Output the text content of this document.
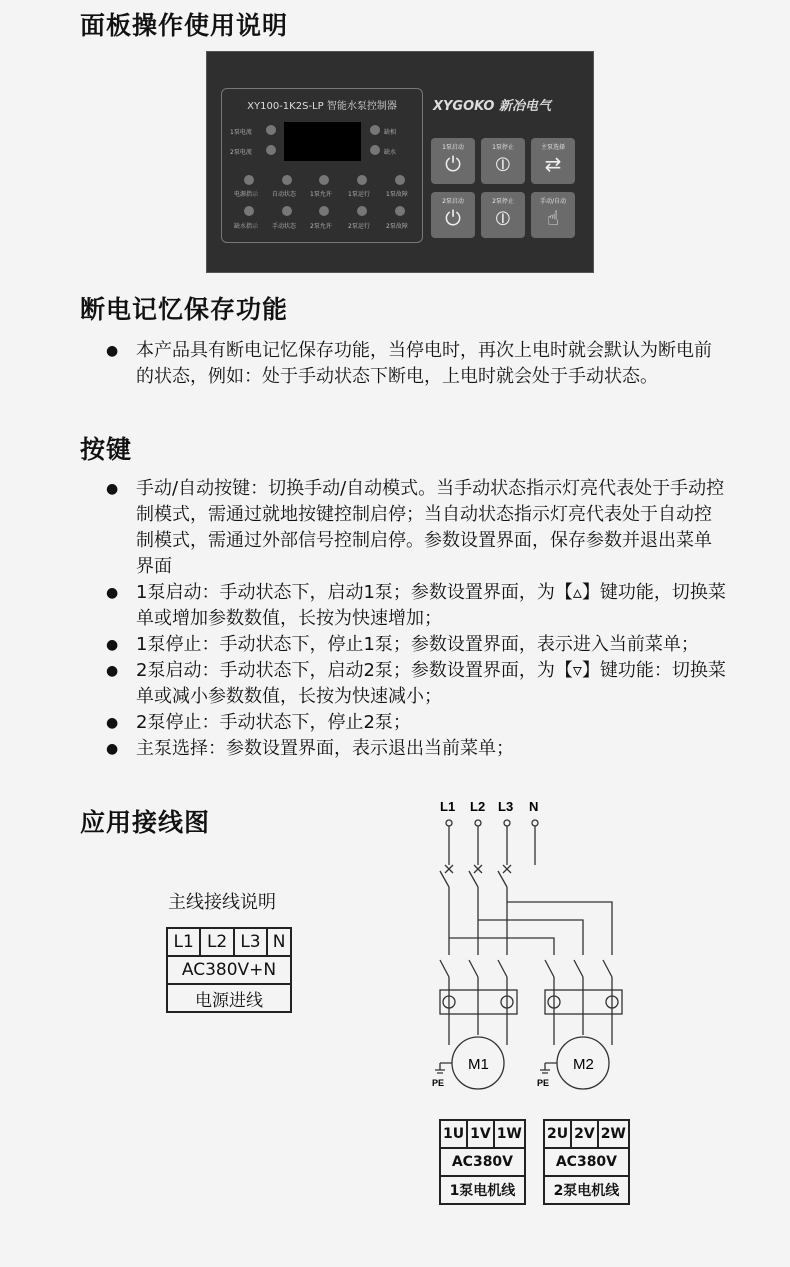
面板操作使用说明
XY100-1K2S-LP 智能水泵控制器
1泵电流
2泵电流
缺相
缺水
电源指示 自动状态 1泵允许	1泵运行	1泵故障
缺水指示 手动状态 2泵允许	2泵运行	2泵故障
XYGOKO 新冶电气
1泵启动
⏻
1泵停止
⦶
主泵选择
⇄
2泵启动
⏻
2泵停止
⦶
手动/自动
☝
断电记忆保存功能
● 本产品具有断电记忆保存功能，当停电时，再次上电时就会默认为断电前的状态，例如：处于手动状态下断电，上电时就会处于手动状态。
按键
● 手动/自动按键：切换手动/自动模式。当手动状态指示灯亮代表处于手动控制模式，需通过就地按键控制启停；当自动状态指示灯亮代表处于自动控制模式，需通过外部信号控制启停。参数设置界面，保存参数并退出菜单界面
● 1泵启动：手动状态下，启动1泵；参数设置界面，为【▵】键功能，切换菜单或增加参数数值，长按为快速增加；
● 1泵停止：手动状态下，停止1泵；参数设置界面，表示进入当前菜单；
● 2泵启动：手动状态下，启动2泵；参数设置界面，为【▿】键功能：切换菜单或减小参数数值，长按为快速减小；
● 2泵停止：手动状态下，停止2泵；
● 主泵选择：参数设置界面，表示退出当前菜单；
应用接线图
主线接线说明
L1	L2	L3	N
AC380V+N
电源进线
L1 L2 L3 N
M1	M2
PE	PE
1U	1V	1W
AC380V
1泵电机线
2U	2V	2W
AC380V
2泵电机线
